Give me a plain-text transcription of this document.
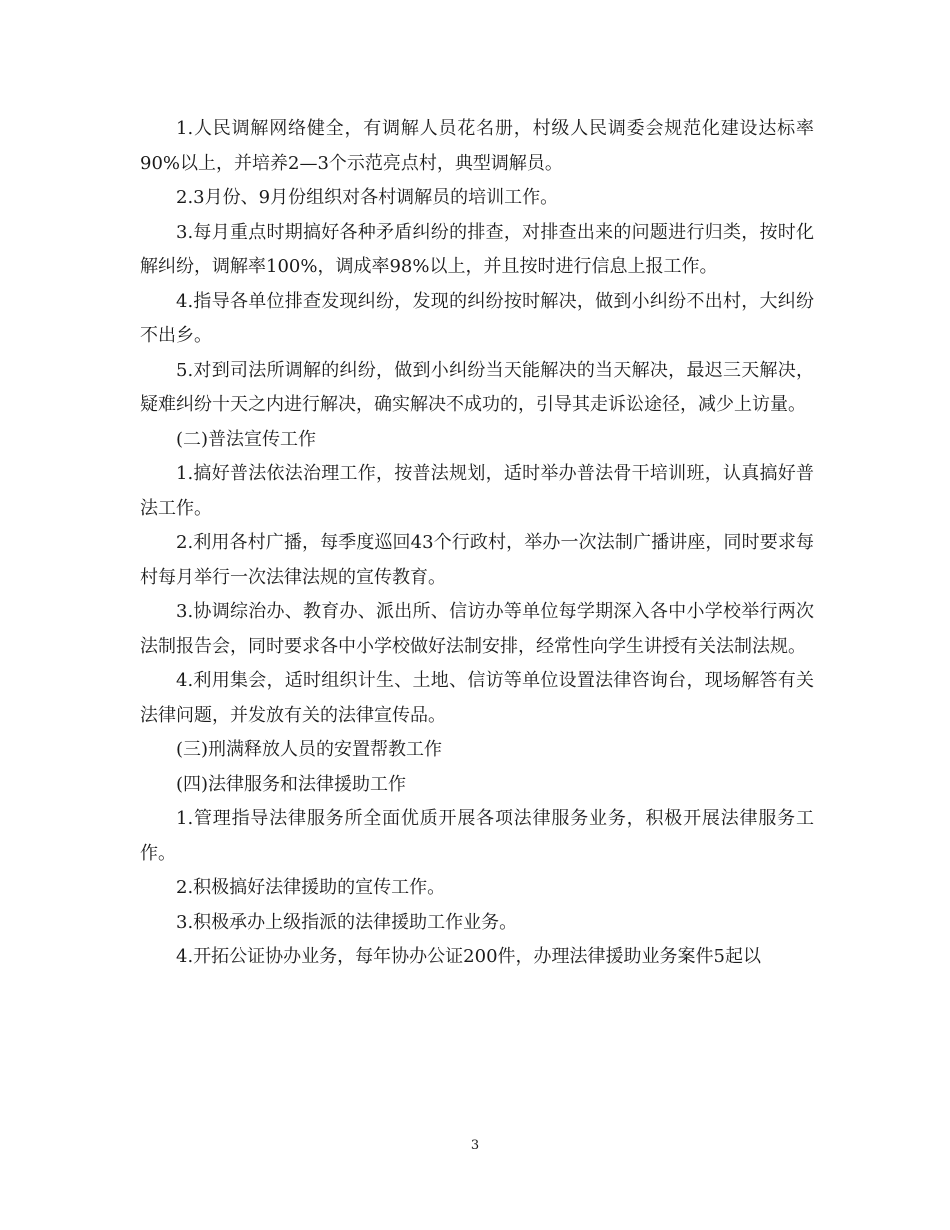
1.人民调解网络健全，有调解人员花名册，村级人民调委会规范化建设达标率90%以上，并培养2—3个示范亮点村，典型调解员。

2.3月份、9月份组织对各村调解员的培训工作。

3.每月重点时期搞好各种矛盾纠纷的排查，对排查出来的问题进行归类，按时化解纠纷，调解率100%，调成率98%以上，并且按时进行信息上报工作。

4.指导各单位排查发现纠纷，发现的纠纷按时解决，做到小纠纷不出村，大纠纷不出乡。

5.对到司法所调解的纠纷，做到小纠纷当天能解决的当天解决，最迟三天解决，疑难纠纷十天之内进行解决，确实解决不成功的，引导其走诉讼途径，减少上访量。

(二)普法宣传工作

1.搞好普法依法治理工作，按普法规划，适时举办普法骨干培训班，认真搞好普法工作。

2.利用各村广播，每季度巡回43个行政村，举办一次法制广播讲座，同时要求每村每月举行一次法律法规的宣传教育。

3.协调综治办、教育办、派出所、信访办等单位每学期深入各中小学校举行两次法制报告会，同时要求各中小学校做好法制安排，经常性向学生讲授有关法制法规。

4.利用集会，适时组织计生、土地、信访等单位设置法律咨询台，现场解答有关法律问题，并发放有关的法律宣传品。

(三)刑满释放人员的安置帮教工作

(四)法律服务和法律援助工作

1.管理指导法律服务所全面优质开展各项法律服务业务，积极开展法律服务工作。

2.积极搞好法律援助的宣传工作。

3.积极承办上级指派的法律援助工作业务。

4.开拓公证协办业务，每年协办公证200件，办理法律援助业务案件5起以

3
